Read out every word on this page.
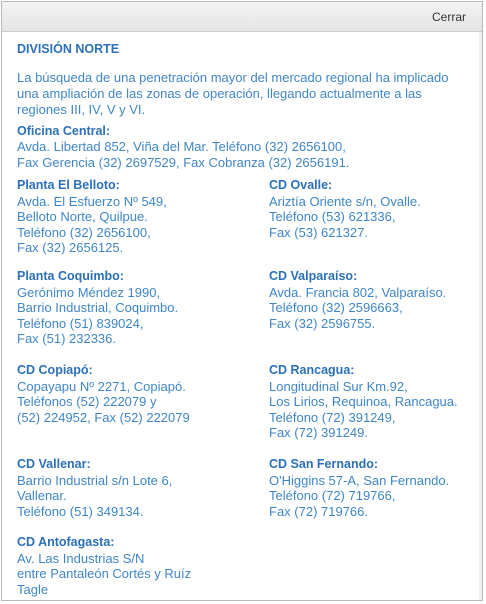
Cerrar
DIVISIÓN NORTE
La búsqueda de una penetración mayor del mercado regional ha implicado una ampliación de las zonas de operación, llegando actualmente a las regiones III, IV, V y VI.
Oficina Central:
Avda. Libertad 852, Viña del Mar. Teléfono (32) 2656100,
Fax Gerencia (32) 2697529, Fax Cobranza (32) 2656191.
Planta El Belloto:
Avda. El Esfuerzo Nº 549,
Belloto Norte, Quilpue.
Teléfono (32) 2656100,
Fax (32) 2656125.
CD Ovalle:
Ariztía Oriente s/n, Ovalle.
Teléfono (53) 621336,
Fax (53) 621327.
Planta Coquimbo:
Gerónimo Méndez 1990,
Barrio Industrial, Coquimbo.
Teléfono (51) 839024,
Fax (51) 232336.
CD Valparaíso:
Avda. Francia 802, Valparaíso.
Teléfono (32) 2596663,
Fax (32) 2596755.
CD Copiapó:
Copayapu Nº 2271, Copiapó.
Teléfonos (52) 222079 y
(52) 224952, Fax (52) 222079
CD Rancagua:
Longitudinal Sur Km.92,
Los Lirios, Requinoa, Rancagua.
Teléfono (72) 391249,
Fax (72) 391249.
CD Vallenar:
Barrio Industrial s/n Lote 6,
Vallenar.
Teléfono (51) 349134.
CD San Fernando:
O'Higgins 57-A, San Fernando.
Teléfono (72) 719766,
Fax (72) 719766.
CD Antofagasta:
Av. Las Industrias S/N
entre Pantaleón Cortés y Ruíz
Tagle
